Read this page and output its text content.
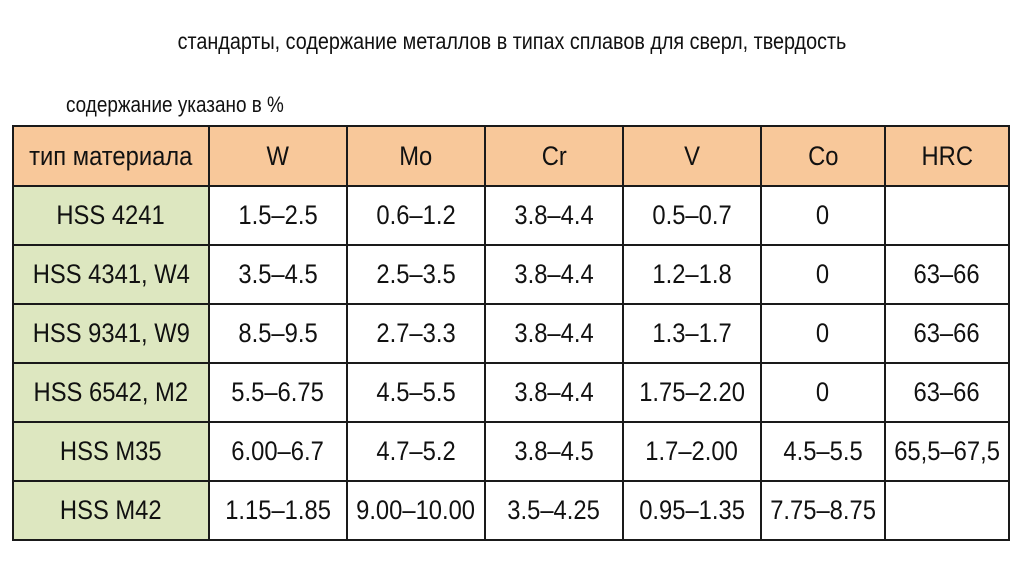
стандарты, содержание металлов в типах сплавов для сверл, твердость
содержание указано в %
тип материала	W	Mo	Cr	V	Co	HRC
HSS 4241	1.5–2.5	0.6–1.2	3.8–4.4	0.5–0.7	0	
HSS 4341, W4	3.5–4.5	2.5–3.5	3.8–4.4	1.2–1.8	0	63–66
HSS 9341, W9	8.5–9.5	2.7–3.3	3.8–4.4	1.3–1.7	0	63–66
HSS 6542, M2	5.5–6.75	4.5–5.5	3.8–4.4	1.75–2.20	0	63–66
HSS M35	6.00–6.7	4.7–5.2	3.8–4.5	1.7–2.00	4.5–5.5	65,5–67,5
HSS M42	1.15–1.85	9.00–10.00	3.5–4.25	0.95–1.35	7.75–8.75	
